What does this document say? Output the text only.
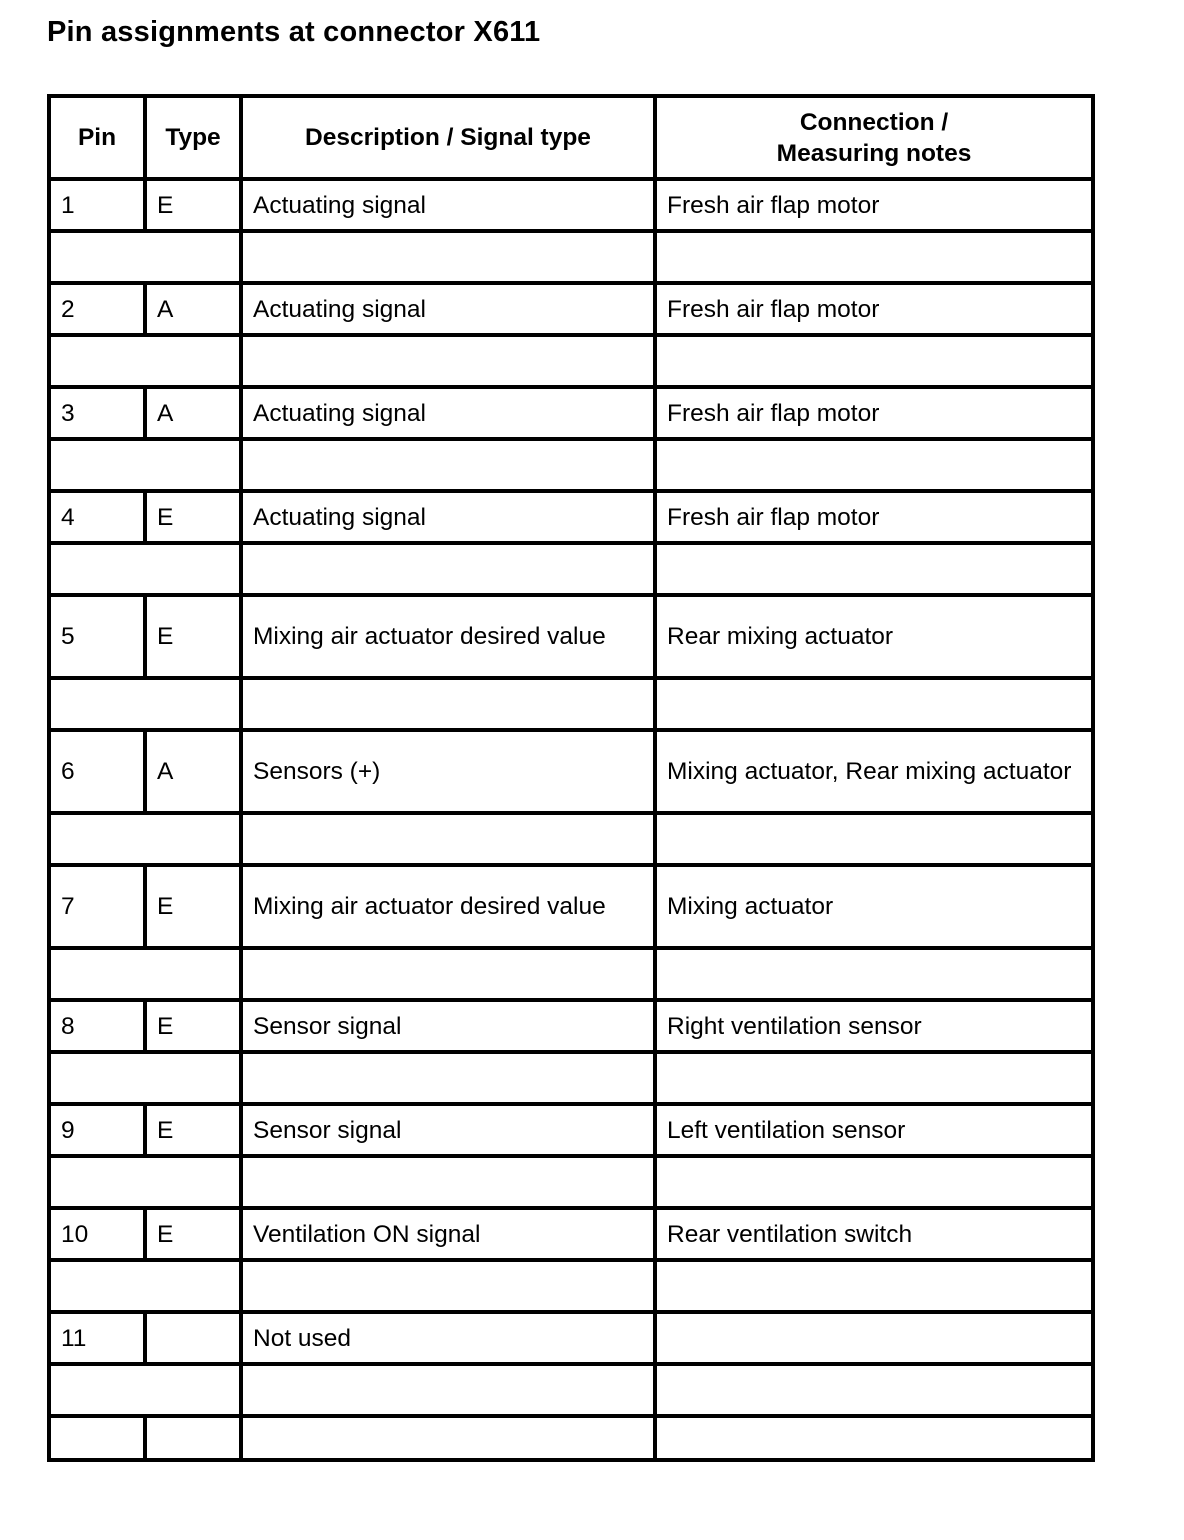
Pin assignments at connector X611
Pin	Type	Description / Signal type	Connection /
Measuring notes
1	E	Actuating signal	Fresh air flap motor

2	A	Actuating signal	Fresh air flap motor

3	A	Actuating signal	Fresh air flap motor

4	E	Actuating signal	Fresh air flap motor

5	E	Mixing air actuator desired value	Rear mixing actuator

6	A	Sensors (+)	Mixing actuator, Rear mixing actuator

7	E	Mixing air actuator desired value	Mixing actuator

8	E	Sensor signal	Right ventilation sensor

9	E	Sensor signal	Left ventilation sensor

10	E	Ventilation ON signal	Rear ventilation switch

11		Not used	
